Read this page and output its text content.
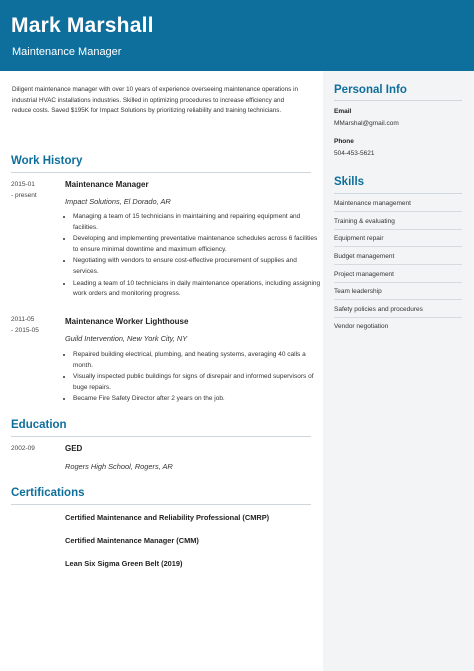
Mark Marshall
Maintenance Manager
Diligent maintenance manager with over 10 years of experience overseeing maintenance operations in industrial HVAC installations industries. Skilled in optimizing procedures to increase efficiency and reduce costs. Saved $195K for Impact Solutions by prioritizing reliability and training technicians.
Work History
2015-01
- present
Maintenance Manager
Impact Solutions, El Dorado, AR
• Managing a team of 15 technicians in maintaining and repairing equipment and facilities.
• Developing and implementing preventative maintenance schedules across 6 facilities to ensure minimal downtime and maximum efficiency.
• Negotiating with vendors to ensure cost-effective procurement of supplies and services.
• Leading a team of 10 technicians in daily maintenance operations, including assigning work orders and monitoring progress.
2011-05
- 2015-05
Maintenance Worker Lighthouse
Guild Intervention, New York City, NY
• Repaired building electrical, plumbing, and heating systems, averaging 40 calls a month.
• Visually inspected public buildings for signs of disrepair and informed supervisors of buge repairs.
• Became Fire Safety Director after 2 years on the job.
Education
2002-09	GED
Rogers High School, Rogers, AR
Certifications
Certified Maintenance and Reliability Professional (CMRP)
Certified Maintenance Manager (CMM)
Lean Six Sigma Green Belt (2019)
Personal Info
Email
MMarshal@gmail.com
Phone
504-453-5621
Skills
Maintenance management
Training & evaluating
Equipment repair
Budget management
Project management
Team leadership
Safety policies and procedures
Vendor negotiation
